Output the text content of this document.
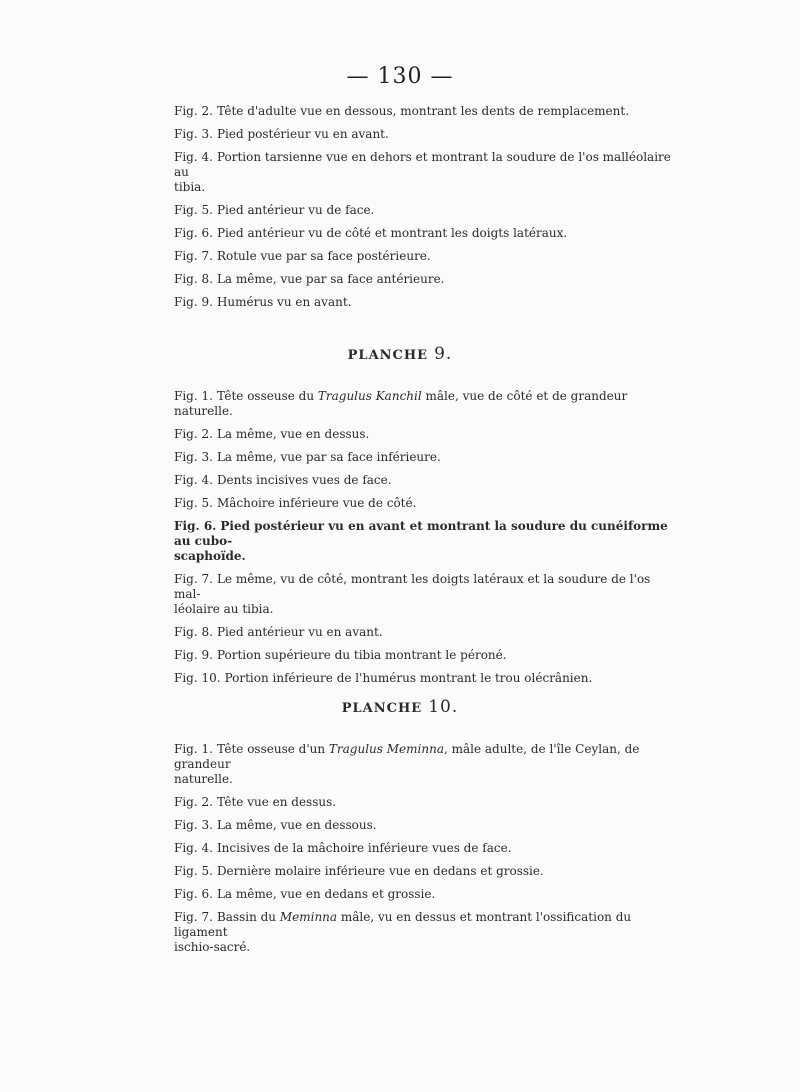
— 130 —
Fig. 2. Tête d'adulte vue en dessous, montrant les dents de remplacement.
Fig. 3. Pied postérieur vu en avant.
Fig. 4. Portion tarsienne vue en dehors et montrant la soudure de l'os malléolaire au
tibia.
Fig. 5. Pied antérieur vu de face.
Fig. 6. Pied antérieur vu de côté et montrant les doigts latéraux.
Fig. 7. Rotule vue par sa face postérieure.
Fig. 8. La même, vue par sa face antérieure.
Fig. 9. Humérus vu en avant.
PLANCHE 9.
Fig. 1. Tête osseuse du Tragulus Kanchil mâle, vue de côté et de grandeur naturelle.
Fig. 2. La même, vue en dessus.
Fig. 3. La même, vue par sa face inférieure.
Fig. 4. Dents incisives vues de face.
Fig. 5. Mâchoire inférieure vue de côté.
Fig. 6. Pied postérieur vu en avant et montrant la soudure du cunéiforme au cubo-
scaphoïde.
Fig. 7. Le même, vu de côté, montrant les doigts latéraux et la soudure de l'os mal-
léolaire au tibia.
Fig. 8. Pied antérieur vu en avant.
Fig. 9. Portion supérieure du tibia montrant le péroné.
Fig. 10. Portion inférieure de l'humérus montrant le trou olécrânien.
PLANCHE 10.
Fig. 1. Tête osseuse d'un Tragulus Meminna, mâle adulte, de l'île Ceylan, de grandeur
naturelle.
Fig. 2. Tête vue en dessus.
Fig. 3. La même, vue en dessous.
Fig. 4. Incisives de la mâchoire inférieure vues de face.
Fig. 5. Dernière molaire inférieure vue en dedans et grossie.
Fig. 6. La même, vue en dedans et grossie.
Fig. 7. Bassin du Meminna mâle, vu en dessus et montrant l'ossification du ligament
ischio-sacré.
